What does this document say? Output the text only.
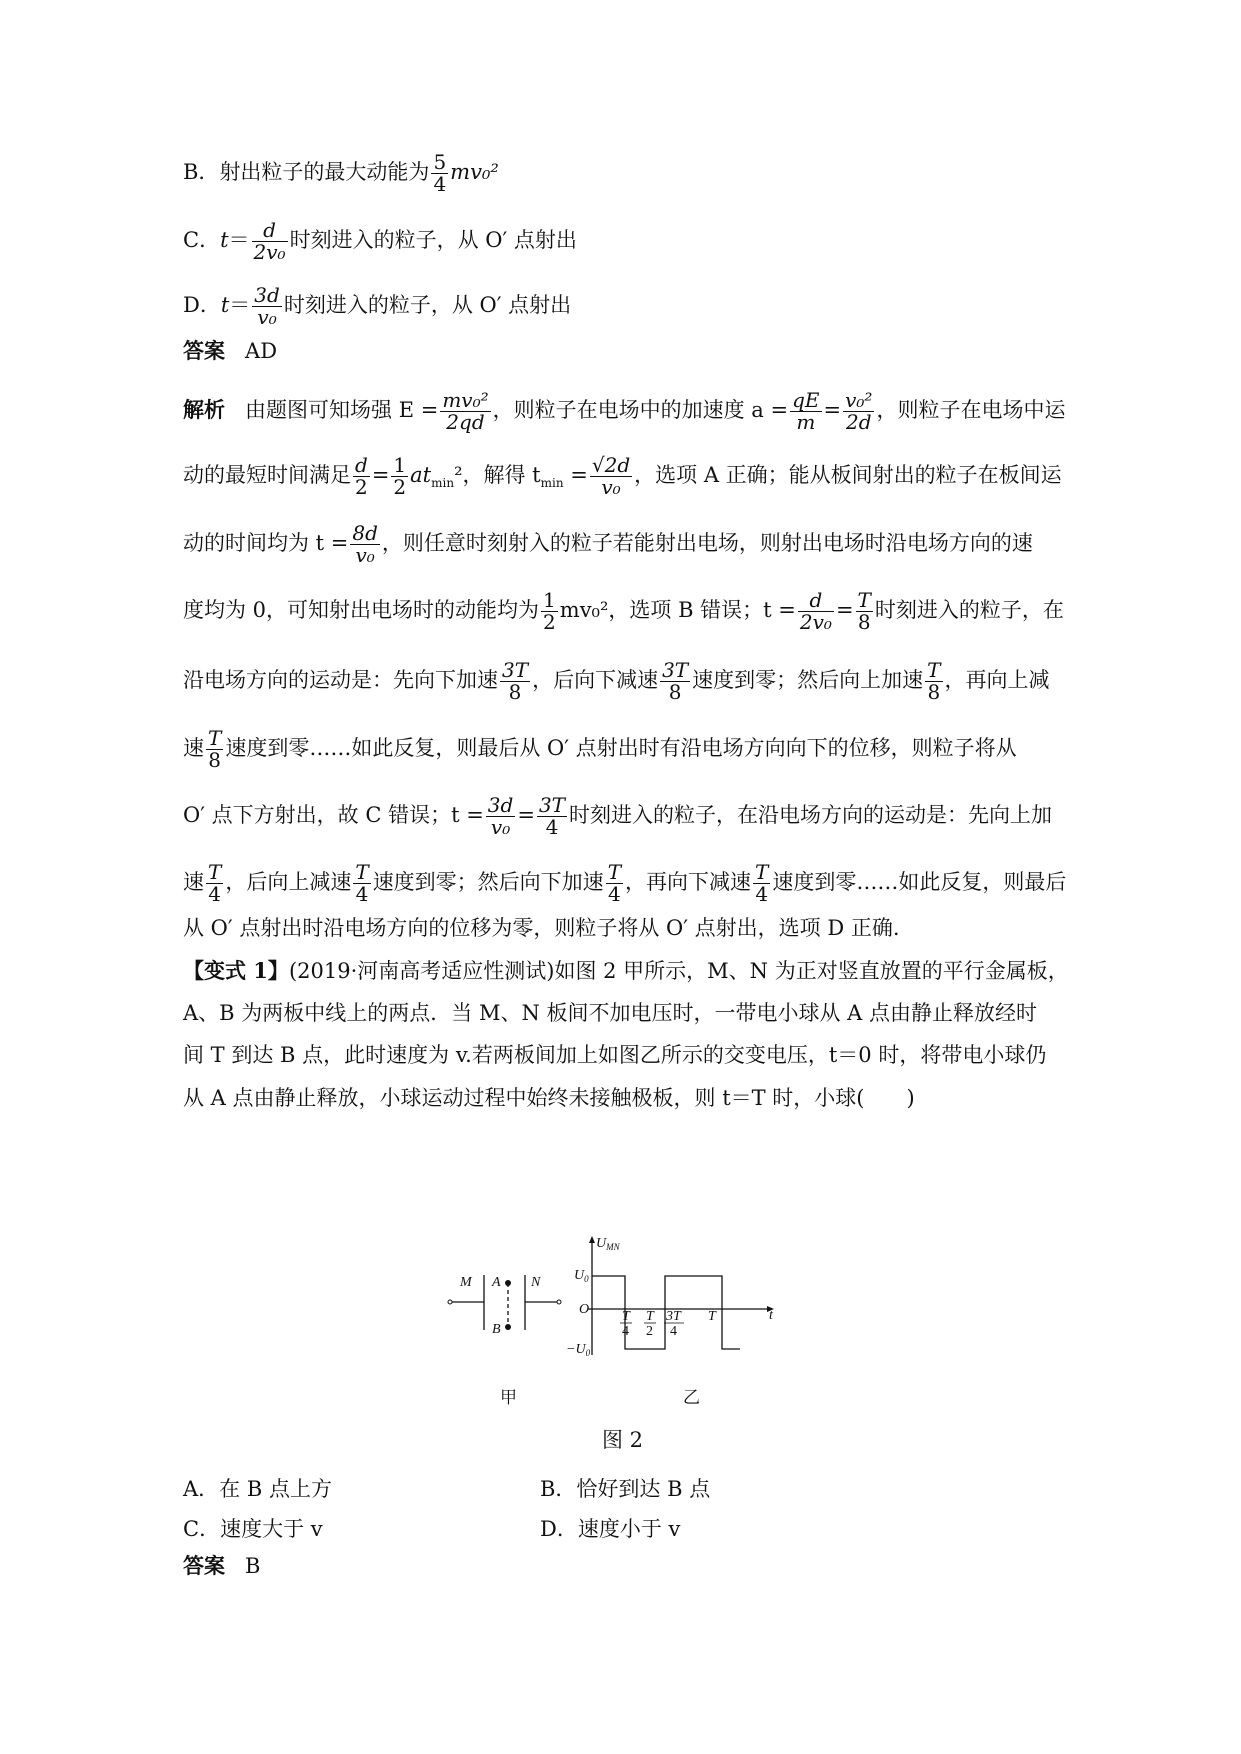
B．射出粒子的最大动能为 $\frac{5}{4} mv_0^2$
C．$t= \frac{d}{\text{2v₀}}$ 时刻进入的粒子，从 O′ 点射出
D．$t= \frac{3d}{\text{v₀}}$ 时刻进入的粒子，从 O′ 点射出
答案 AD
解析 由题图可知场强 $E = \frac{\text{mv₀²}}{2qd}$ ，则粒子在电场中的加速度 $a = \frac{qE}{m} = \frac{\text{v₀²}}{2d}$ ，则粒子在电场中运
动的最短时间满足 $\frac{d}{2} = \frac{1}{2} at_{min}^2$，解得 $t_{min} = \frac{√2d}{\text{v₀}}$ ，选项 A 正确；能从板间射出的粒子在板间运
动的时间均为 $t = \frac{8d}{\text{v₀}}$ ，则任意时刻射入的粒子若能射出电场，则射出电场时沿电场方向的速
度均为 0，可知射出电场时的动能均为 $\frac{1}{2} mv_0^2$，选项 B 错误；$t = \frac{d}{\text{2v₀}} = \frac{T}{8}$ 时刻进入的粒子，在
沿电场方向的运动是：先向下加速 $\frac{3T}{8}$ ，后向下减速 $\frac{3T}{8}$ 速度到零；然后向上加速 $\frac{T}{8}$ ，再向上减
速 $\frac{T}{8}$ 速度到零……如此反复，则最后从 O′ 点射出时有沿电场方向向下的位移，则粒子将从
O′ 点下方射出，故 C 错误；$t = \frac{3d}{\text{v₀}} = \frac{3T}{4}$ 时刻进入的粒子，在沿电场方向的运动是：先向上加
速 $\frac{T}{4}$ ，后向上减速 $\frac{T}{4}$ 速度到零；然后向下加速 $\frac{T}{4}$ ，再向下减速 $\frac{T}{4}$ 速度到零……如此反复，则最后
从 O′ 点射出时沿电场方向的位移为零，则粒子将从 O′ 点射出，选项 D 正确.
【变式 1】(2019·河南高考适应性测试)如图 2 甲所示，M、N 为正对竖直放置的平行金属板，
A、B 为两板中线上的两点．当 M、N 板间不加电压时，一带电小球从 A 点由静止释放经时
间 T 到达 B 点，此时速度为 v.若两板间加上如图乙所示的交变电压，t＝0 时，将带电小球仍
从 A 点由静止释放，小球运动过程中始终未接触极板，则 t＝T 时，小球(　　)
M	N
A
B
$U_{MN}$
$U_0$
$-U_0$
O	t
T	T
T	3T
4 2 4
甲	乙
图 2
A．在 B 点上方	B．恰好到达 B 点
C．速度大于 v	D．速度小于 v
答案 B
